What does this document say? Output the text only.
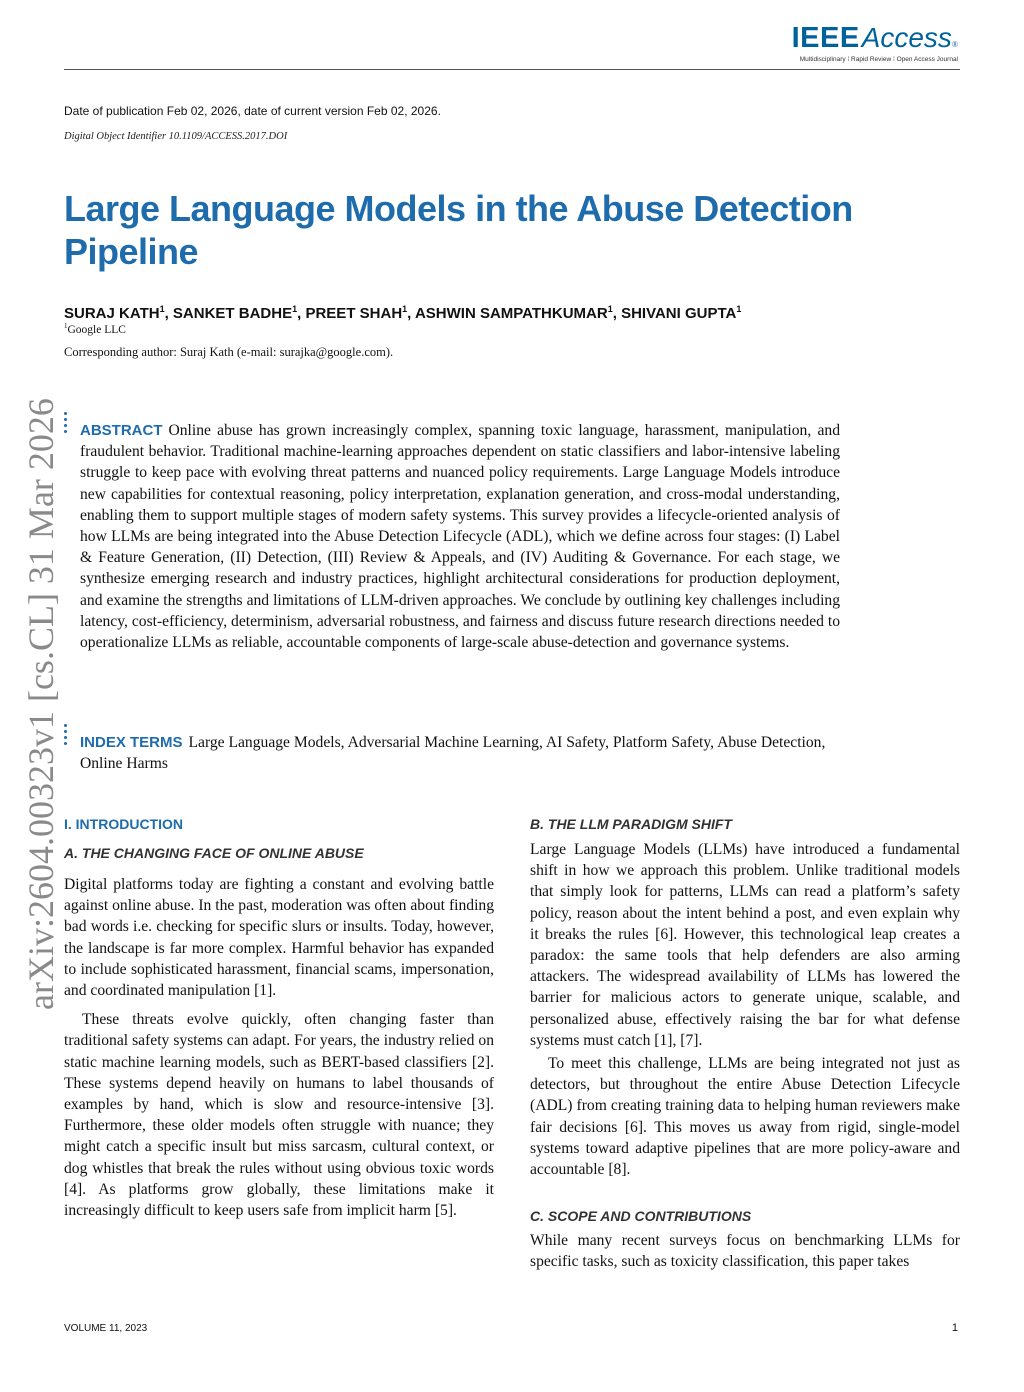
IEEE Access ®
Multidisciplinary ⁞ Rapid Review ⁞ Open Access Journal
Date of publication Feb 02, 2026, date of current version Feb 02, 2026.
Digital Object Identifier 10.1109/ACCESS.2017.DOI
Large Language Models in the Abuse Detection Pipeline
SURAJ KATH$^1$, SANKET BADHE$^1$, PREET SHAH$^1$, ASHWIN SAMPATHKUMAR$^1$, SHIVANI GUPTA$^1$
$^1$Google LLC
Corresponding author: Suraj Kath (e-mail: surajka@google.com).
arXiv:2604.00323v1 [cs.CL] 31 Mar 2026 ABSTRACT Online abuse has grown increasingly complex, spanning toxic language, harassment, manipulation, and fraudulent behavior. Traditional machine-learning approaches dependent on static classifiers and labor-intensive labeling struggle to keep pace with evolving threat patterns and nuanced policy requirements. Large Language Models introduce new capabilities for contextual reasoning, policy interpretation, explanation generation, and cross-modal understanding, enabling them to support multiple stages of modern safety systems. This survey provides a lifecycle-oriented analysis of how LLMs are being integrated into the Abuse Detection Lifecycle (ADL), which we define across four stages: (I) Label & Feature Generation, (II) Detection, (III) Review & Appeals, and (IV) Auditing & Governance. For each stage, we synthesize emerging research and industry practices, highlight architectural considerations for production deployment, and examine the strengths and limitations of LLM-driven approaches. We conclude by outlining key challenges including latency, cost-efficiency, determinism, adversarial robustness, and fairness and discuss future research directions needed to operationalize LLMs as reliable, accountable components of large-scale abuse-detection and governance systems.

INDEX TERMS Large Language Models, Adversarial Machine Learning, AI Safety, Platform Safety, Abuse Detection, Online Harms

I. INTRODUCTION
A. THE CHANGING FACE OF ONLINE ABUSE

Digital platforms today are fighting a constant and evolving battle against online abuse. In the past, moderation was often about finding bad words i.e. checking for specific slurs or insults. Today, however, the landscape is far more complex. Harmful behavior has expanded to include sophisticated harassment, financial scams, impersonation, and coordinated manipulation [1].

These threats evolve quickly, often changing faster than traditional safety systems can adapt. For years, the industry relied on static machine learning models, such as BERT-based classifiers [2]. These systems depend heavily on humans to label thousands of examples by hand, which is slow and resource-intensive [3]. Furthermore, these older models often struggle with nuance; they might catch a specific insult but miss sarcasm, cultural context, or dog whistles that break the rules without using obvious toxic words [4]. As platforms grow globally, these limitations make it increasingly difficult to keep users safe from implicit harm [5].

B. THE LLM PARADIGM SHIFT

Large Language Models (LLMs) have introduced a fundamental shift in how we approach this problem. Unlike traditional models that simply look for patterns, LLMs can read a platform’s safety policy, reason about the intent behind a post, and even explain why it breaks the rules [6]. However, this technological leap creates a paradox: the same tools that help defenders are also arming attackers. The widespread availability of LLMs has lowered the barrier for malicious actors to generate unique, scalable, and personalized abuse, effectively raising the bar for what defense systems must catch [1], [7].

To meet this challenge, LLMs are being integrated not just as detectors, but throughout the entire Abuse Detection Lifecycle (ADL) from creating training data to helping human reviewers make fair decisions [6]. This moves us away from rigid, single-model systems toward adaptive pipelines that are more policy-aware and accountable [8].

C. SCOPE AND CONTRIBUTIONS

While many recent surveys focus on benchmarking LLMs for specific tasks, such as toxicity classification, this paper takes

VOLUME 11, 2023	1
